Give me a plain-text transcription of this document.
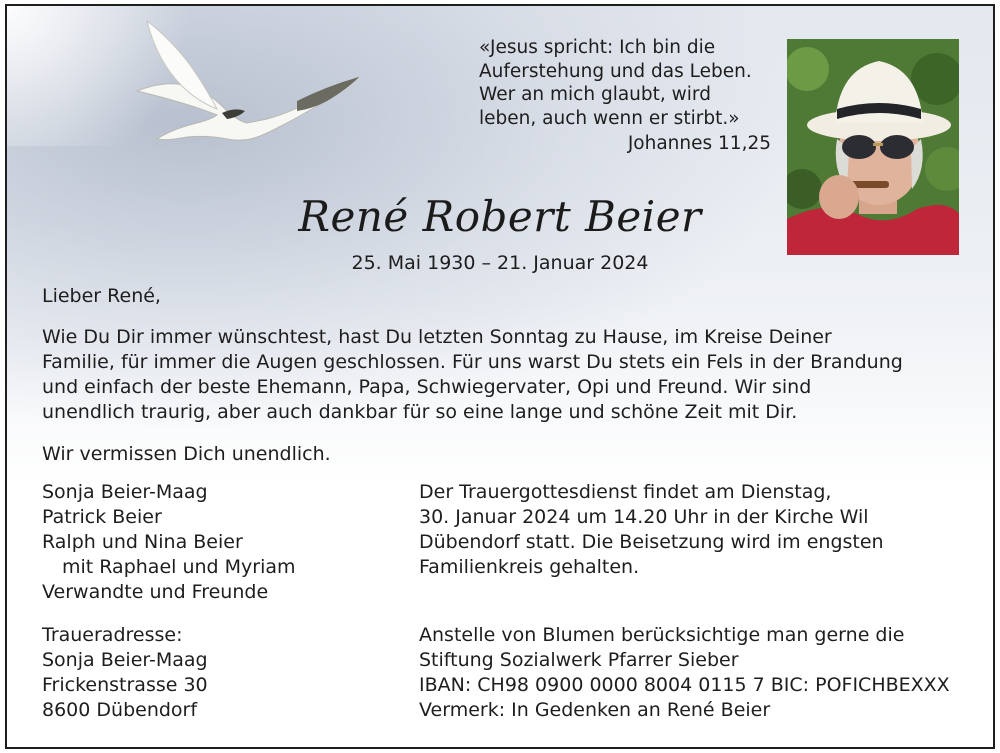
«Jesus spricht: Ich bin die
Auferstehung und das Leben.
Wer an mich glaubt, wird
leben, auch wenn er stirbt.»
Johannes 11,25
René Robert Beier
25. Mai 1930 – 21. Januar 2024

Lieber René,

Wie Du Dir immer wünschtest, hast Du letzten Sonntag zu Hause, im Kreise Deiner
Familie, für immer die Augen geschlossen. Für uns warst Du stets ein Fels in der Brandung
und einfach der beste Ehemann, Papa, Schwiegervater, Opi und Freund. Wir sind
unendlich traurig, aber auch dankbar für so eine lange und schöne Zeit mit Dir.

Wir vermissen Dich unendlich.

Sonja Beier-Maag
Patrick Beier
Ralph und Nina Beier
mit Raphael und Myriam
Verwandte und Freunde
Der Trauergottesdienst findet am Dienstag,
30. Januar 2024 um 14.20 Uhr in der Kirche Wil
Dübendorf statt. Die Beisetzung wird im engsten
Familienkreis gehalten.
Traueradresse:
Sonja Beier-Maag
Frickenstrasse 30
8600 Dübendorf
Anstelle von Blumen berücksichtige man gerne die
Stiftung Sozialwerk Pfarrer Sieber
IBAN: CH98 0900 0000 8004 0115 7 BIC: POFICHBEXXX
Vermerk: In Gedenken an René Beier
